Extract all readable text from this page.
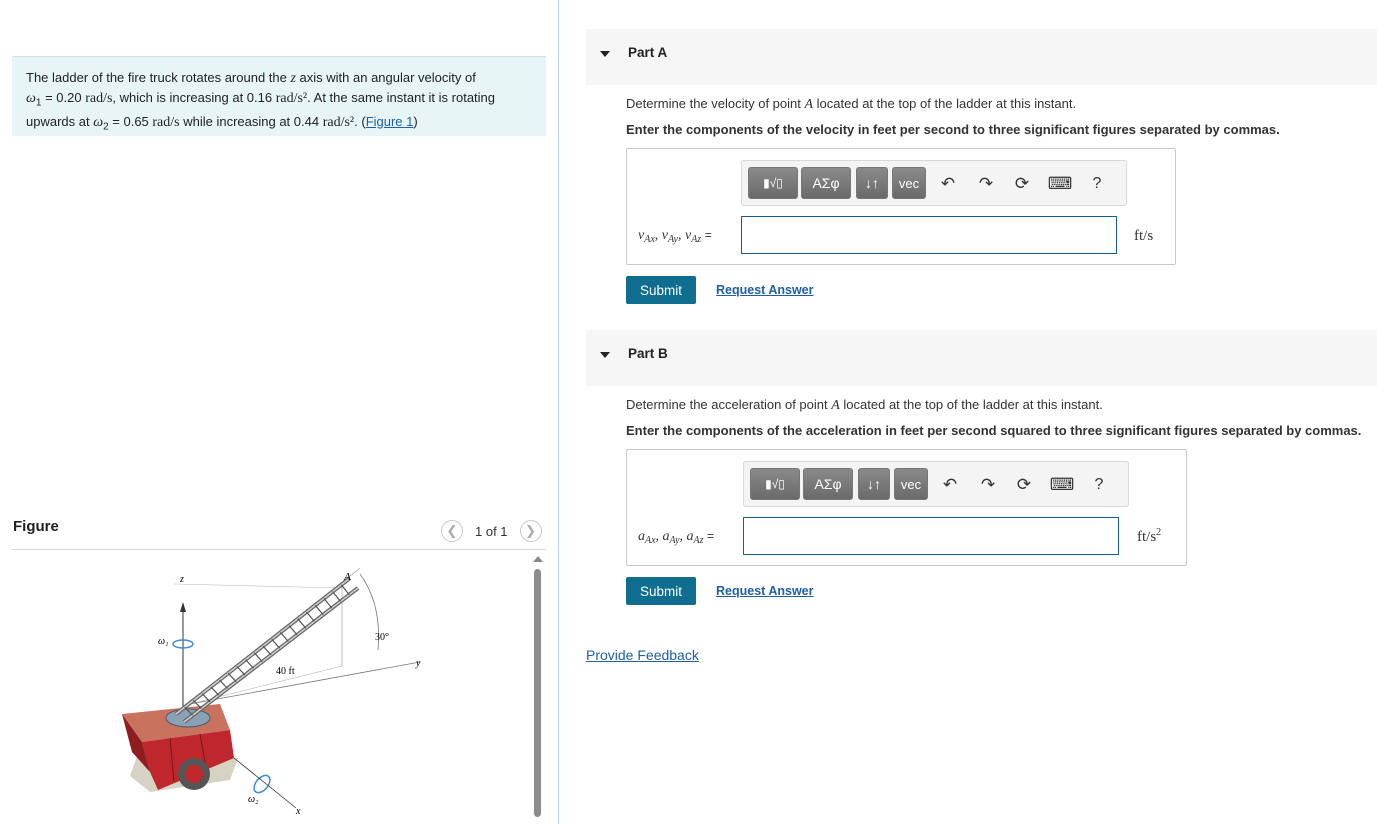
The ladder of the fire truck rotates around the z axis with an angular velocity of
$\omega_1 = 0.20$ rad/s, which is increasing at 0.16 rad/s². At the same instant it is rotating
upwards at $\omega_2 = 0.65$ rad/s while increasing at 0.44 rad/s². (Figure 1)
Figure	❮	1 of 1	❯
z	A
30°
y
ω₁
40 ft
ω₂
x
Part A
Determine the velocity of point A located at the top of the ladder at this instant.
Enter the components of the velocity in feet per second to three significant figures separated by commas.
▮√▯	ΑΣφ	↓↑	vec	↶ ↷ ⟳ ⌨	?
$v_{Ax}$, $v_{Ay}$, $v_{Az}$ =	ft/s
Submit	Request Answer
Part B
Determine the acceleration of point A located at the top of the ladder at this instant.
Enter the components of the acceleration in feet per second squared to three significant figures separated by commas.
▮√▯	ΑΣφ	↓↑	vec	↶ ↷ ⟳ ⌨	?
$a_{Ax}$, $a_{Ay}$, $a_{Az}$ =	$ft/s^2$
Submit	Request Answer
Provide Feedback
